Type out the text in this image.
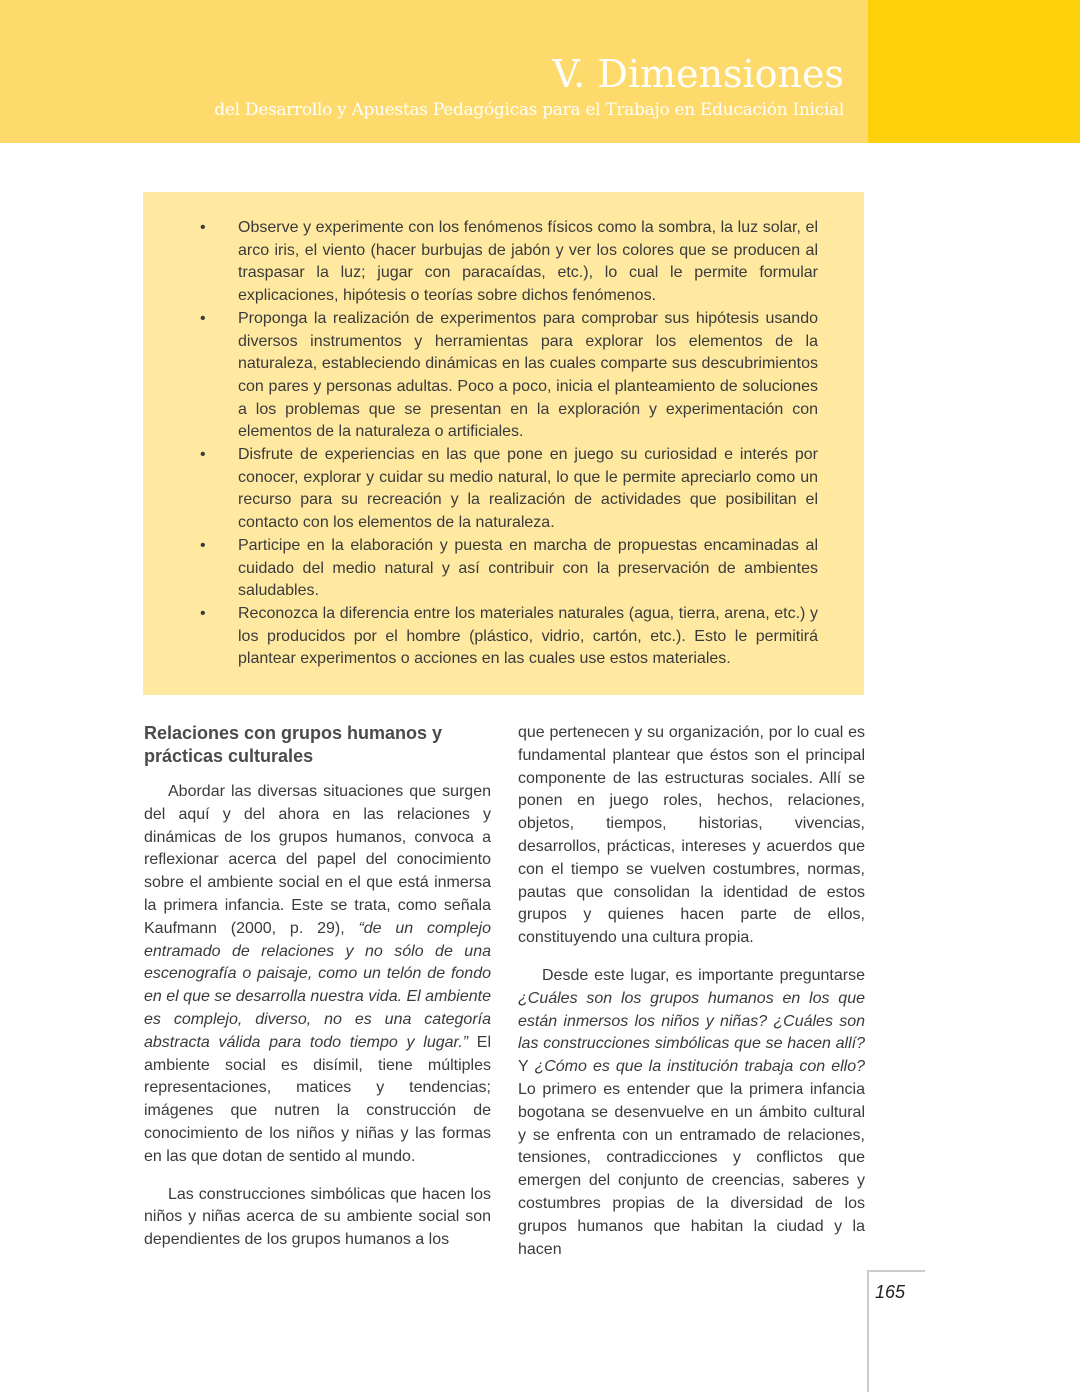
V. Dimensiones
del Desarrollo y Apuestas Pedagógicas para el Trabajo en Educación Inicial
• Observe y experimente con los fenómenos físicos como la sombra, la luz solar, el arco iris, el viento (hacer burbujas de jabón y ver los colores que se producen al traspasar la luz; jugar con paracaídas, etc.), lo cual le permite formular explicaciones, hipótesis o teorías sobre dichos fenómenos.
• Proponga la realización de experimentos para comprobar sus hipótesis usando diversos instrumentos y herramientas para explorar los elementos de la naturaleza, estableciendo dinámicas en las cuales comparte sus descubrimientos con pares y personas adultas. Poco a poco, inicia el planteamiento de soluciones a los problemas que se presentan en la exploración y experimentación con elementos de la naturaleza o artificiales.
• Disfrute de experiencias en las que pone en juego su curiosidad e interés por conocer, explorar y cuidar su medio natural, lo que le permite apreciarlo como un recurso para su recreación y la realización de actividades que posibilitan el contacto con los elementos de la naturaleza.
• Participe en la elaboración y puesta en marcha de propuestas encaminadas al cuidado del medio natural y así contribuir con la preservación de ambientes saludables.
• Reconozca la diferencia entre los materiales naturales (agua, tierra, arena, etc.) y los producidos por el hombre (plástico, vidrio, cartón, etc.). Esto le permitirá plantear experimentos o acciones en las cuales use estos materiales.
Relaciones con grupos humanos y prácticas culturales

Abordar las diversas situaciones que surgen del aquí y del ahora en las relaciones y dinámicas de los grupos humanos, convoca a reflexionar acerca del papel del conocimiento sobre el ambiente social en el que está inmersa la primera infancia. Este se trata, como señala Kaufmann (2000, p. 29), “de un complejo entramado de relaciones y no sólo de una escenografía o paisaje, como un telón de fondo en el que se desarrolla nuestra vida. El ambiente es complejo, diverso, no es una categoría abstracta válida para todo tiempo y lugar.” El ambiente social es disímil, tiene múltiples representaciones, matices y tendencias; imágenes que nutren la construcción de conocimiento de los niños y niñas y las formas en las que dotan de sentido al mundo.

Las construcciones simbólicas que hacen los niños y niñas acerca de su ambiente social son dependientes de los grupos humanos a los

que pertenecen y su organización, por lo cual es fundamental plantear que éstos son el principal componente de las estructuras sociales. Allí se ponen en juego roles, hechos, relaciones, objetos, tiempos, historias, vivencias, desarrollos, prácticas, intereses y acuerdos que con el tiempo se vuelven costumbres, normas, pautas que consolidan la identidad de estos grupos y quienes hacen parte de ellos, constituyendo una cultura propia.

Desde este lugar, es importante preguntarse ¿Cuáles son los grupos humanos en los que están inmersos los niños y niñas? ¿Cuáles son las construcciones simbólicas que se hacen allí? Y ¿Cómo es que la institución trabaja con ello? Lo primero es entender que la primera infancia bogotana se desenvuelve en un ámbito cultural y se enfrenta con un entramado de relaciones, tensiones, contradicciones y conflictos que emergen del conjunto de creencias, saberes y costumbres propias de la diversidad de los grupos humanos que habitan la ciudad y la hacen

165
